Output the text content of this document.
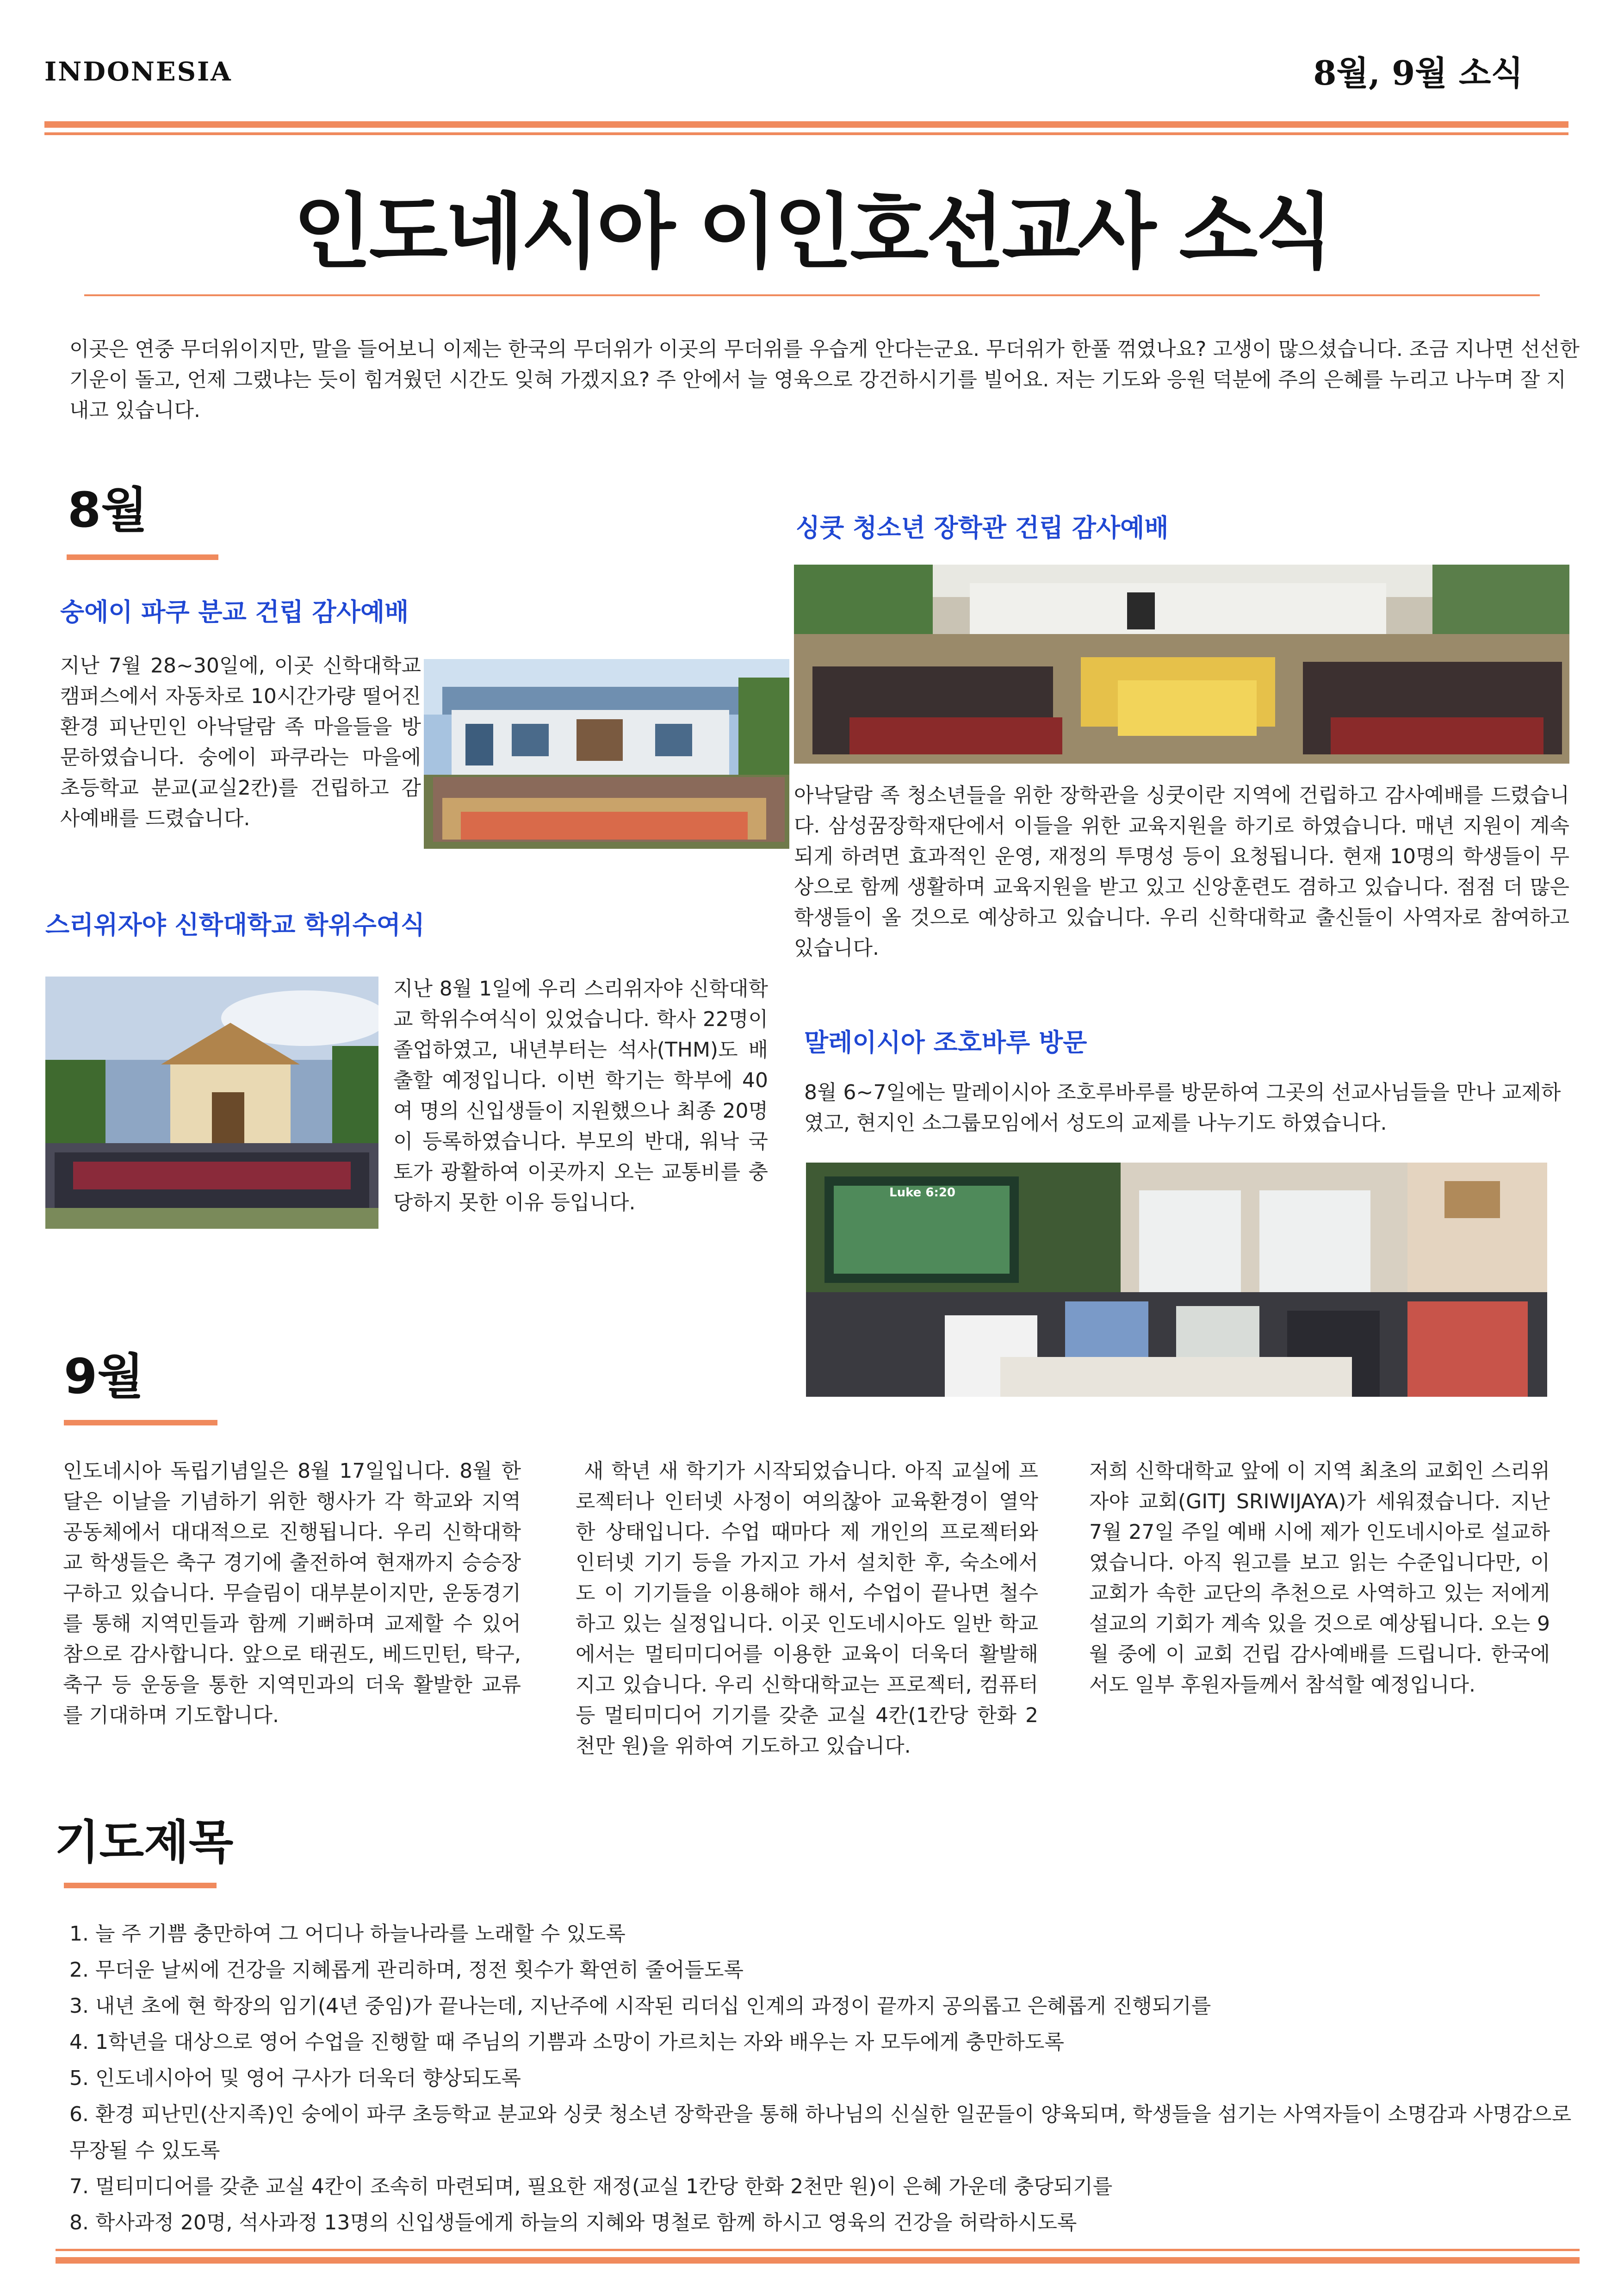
INDONESIA	8월, 9월 소식
인도네시아 이인호선교사 소식

이곳은 연중 무더위이지만, 말을 들어보니 이제는 한국의 무더위가 이곳의 무더위를 우습게 안다는군요. 무더위가 한풀 꺾였나요? 고생이 많으셨습니다. 조금 지나면 선선한 기운이 돌고, 언제 그랬냐는 듯이 힘겨웠던 시간도 잊혀 가겠지요? 주 안에서 늘 영육으로 강건하시기를 빌어요. 저는 기도와 응원 덕분에 주의 은혜를 누리고 나누며 잘 지내고 있습니다.

8월
숭에이 파쿠 분교 건립 감사예배

지난 7월 28~30일에, 이곳 신학대학교 캠퍼스에서 자동차로 10시간가량 떨어진 환경 피난민인 아낙달람 족 마을들을 방문하였습니다. 숭에이 파쿠라는 마을에 초등학교 분교(교실2칸)를 건립하고 감사예배를 드렸습니다.

스리위자야 신학대학교 학위수여식

지난 8월 1일에 우리 스리위자야 신학대학교 학위수여식이 있었습니다. 학사 22명이 졸업하였고, 내년부터는 석사(THM)도 배출할 예정입니다. 이번 학기는 학부에 40여 명의 신입생들이 지원했으나 최종 20명이 등록하였습니다. 부모의 반대, 워낙 국토가 광활하여 이곳까지 오는 교통비를 충당하지 못한 이유 등입니다.

싱쿳 청소년 장학관 건립 감사예배

아낙달람 족 청소년들을 위한 장학관을 싱쿳이란 지역에 건립하고 감사예배를 드렸습니다. 삼성꿈장학재단에서 이들을 위한 교육지원을 하기로 하였습니다. 매년 지원이 계속되게 하려면 효과적인 운영, 재정의 투명성 등이 요청됩니다. 현재 10명의 학생들이 무상으로 함께 생활하며 교육지원을 받고 있고 신앙훈련도 겸하고 있습니다. 점점 더 많은 학생들이 올 것으로 예상하고 있습니다. 우리 신학대학교 출신들이 사역자로 참여하고 있습니다.

말레이시아 조호바루 방문

8월 6~7일에는 말레이시아 조호루바루를 방문하여 그곳의 선교사님들을 만나 교제하였고, 현지인 소그룹모임에서 성도의 교제를 나누기도 하였습니다.

Luke 6:20
9월

인도네시아 독립기념일은 8월 17일입니다. 8월 한 달은 이날을 기념하기 위한 행사가 각 학교와 지역 공동체에서 대대적으로 진행됩니다. 우리 신학대학교 학생들은 축구 경기에 출전하여 현재까지 승승장구하고 있습니다. 무슬림이 대부분이지만, 운동경기를 통해 지역민들과 함께 기뻐하며 교제할 수 있어 참으로 감사합니다. 앞으로 태권도, 베드민턴, 탁구, 축구 등 운동을 통한 지역민과의 더욱 활발한 교류를 기대하며 기도합니다.

새 학년 새 학기가 시작되었습니다. 아직 교실에 프로젝터나 인터넷 사정이 여의찮아 교육환경이 열악한 상태입니다. 수업 때마다 제 개인의 프로젝터와 인터넷 기기 등을 가지고 가서 설치한 후, 숙소에서도 이 기기들을 이용해야 해서, 수업이 끝나면 철수하고 있는 실정입니다. 이곳 인도네시아도 일반 학교에서는 멀티미디어를 이용한 교육이 더욱더 활발해지고 있습니다. 우리 신학대학교는 프로젝터, 컴퓨터 등 멀티미디어 기기를 갖춘 교실 4칸(1칸당 한화 2천만 원)을 위하여 기도하고 있습니다.

저희 신학대학교 앞에 이 지역 최초의 교회인 스리위자야 교회(GITJ SRIWIJAYA)가 세워졌습니다. 지난 7월 27일 주일 예배 시에 제가 인도네시아로 설교하였습니다. 아직 원고를 보고 읽는 수준입니다만, 이 교회가 속한 교단의 추천으로 사역하고 있는 저에게 설교의 기회가 계속 있을 것으로 예상됩니다. 오는 9월 중에 이 교회 건립 감사예배를 드립니다. 한국에서도 일부 후원자들께서 참석할 예정입니다.

기도제목
1. 늘 주 기쁨 충만하여 그 어디나 하늘나라를 노래할 수 있도록
2. 무더운 날씨에 건강을 지혜롭게 관리하며, 정전 횟수가 확연히 줄어들도록
3. 내년 초에 현 학장의 임기(4년 중임)가 끝나는데, 지난주에 시작된 리더십 인계의 과정이 끝까지 공의롭고 은혜롭게 진행되기를
4. 1학년을 대상으로 영어 수업을 진행할 때 주님의 기쁨과 소망이 가르치는 자와 배우는 자 모두에게 충만하도록
5. 인도네시아어 및 영어 구사가 더욱더 향상되도록
6. 환경 피난민(산지족)인 숭에이 파쿠 초등학교 분교와 싱쿳 청소년 장학관을 통해 하나님의 신실한 일꾼들이 양육되며, 학생들을 섬기는 사역자들이 소명감과 사명감으로 무장될 수 있도록
7. 멀티미디어를 갖춘 교실 4칸이 조속히 마련되며, 필요한 재정(교실 1칸당 한화 2천만 원)이 은혜 가운데 충당되기를
8. 학사과정 20명, 석사과정 13명의 신입생들에게 하늘의 지혜와 명철로 함께 하시고 영육의 건강을 허락하시도록
